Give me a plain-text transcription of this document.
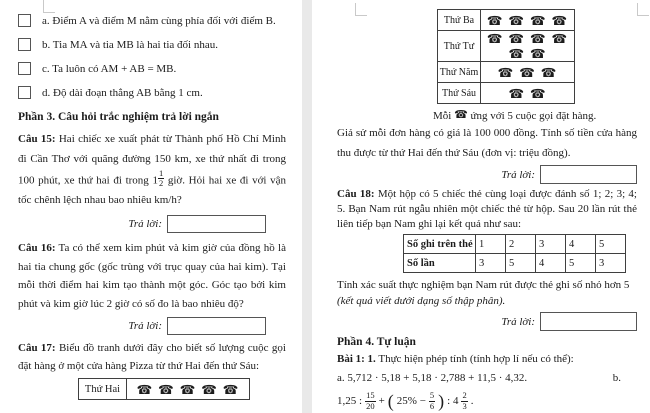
a. Điểm A và điểm M nằm cùng phía đối với điểm B.
b. Tia MA và tia MB là hai tia đối nhau.
c. Ta luôn có AM + AB = MB.
d. Độ dài đoạn thẳng AB bằng 1 cm.
Phần 3. Câu hỏi trắc nghiệm trả lời ngắn
Câu 15: Hai chiếc xe xuất phát từ Thành phố Hồ Chí Minh đi Cần Thơ với quãng đường 150 km, xe thứ nhất đi trong 100 phút, xe thứ hai đi trong $1 \frac{1}{2}$ giờ. Hỏi hai xe đi với vận tốc chênh lệch nhau bao nhiêu km/h?
Trả lời:
Câu 16: Ta có thể xem kim phút và kim giờ của đồng hồ là hai tia chung gốc (gốc trùng với trục quay của hai kim). Tại mỗi thời điểm hai kim tạo thành một góc. Góc tạo bởi kim phút và kim giờ lúc 2 giờ có số đo là bao nhiêu độ?
Trả lời:
Câu 17: Biểu đồ tranh dưới đây cho biết số lượng cuộc gọi đặt hàng ở một cửa hàng Pizza từ thứ Hai đến thứ Sáu:
Thứ Hai	☎ ☎ ☎ ☎ ☎
Thứ Ba	☎ ☎ ☎ ☎
Thứ Tư	☎ ☎ ☎ ☎ ☎ ☎
Thứ Năm	☎ ☎ ☎
Thứ Sáu	☎ ☎
Mỗi ☎ ứng với 5 cuộc gọi đặt hàng.
Giả sử mỗi đơn hàng có giá là 100 000 đồng. Tính số tiền cửa hàng thu được từ thứ Hai đến thứ Sáu (đơn vị: triệu đồng).
Trả lời:
Câu 18: Một hộp có 5 chiếc thẻ cùng loại được đánh số 1; 2; 3; 4; 5. Bạn Nam rút ngẫu nhiên một chiếc thẻ từ hộp. Sau 20 lần rút thẻ liên tiếp bạn Nam ghi lại kết quả như sau:
Số ghi trên thẻ	1	2	3	4	5
Số lần	3	5	4	5	3
Tính xác suất thực nghiệm bạn Nam rút được thẻ ghi số nhỏ hơn 5
(kết quả viết dưới dạng số thập phân).
Trả lời:
Phần 4. Tự luận
Bài 1: 1. Thực hiện phép tính (tính hợp lí nếu có thể):
a.
5,712 · 5,18 + 5,18 · 2,788 + 11,5 · 4,32.	b.
1,25 : $\frac{15}{20}$ + ( $25\% - \frac{5}{6}$ ) : $4 \frac{2}{3}$ .
